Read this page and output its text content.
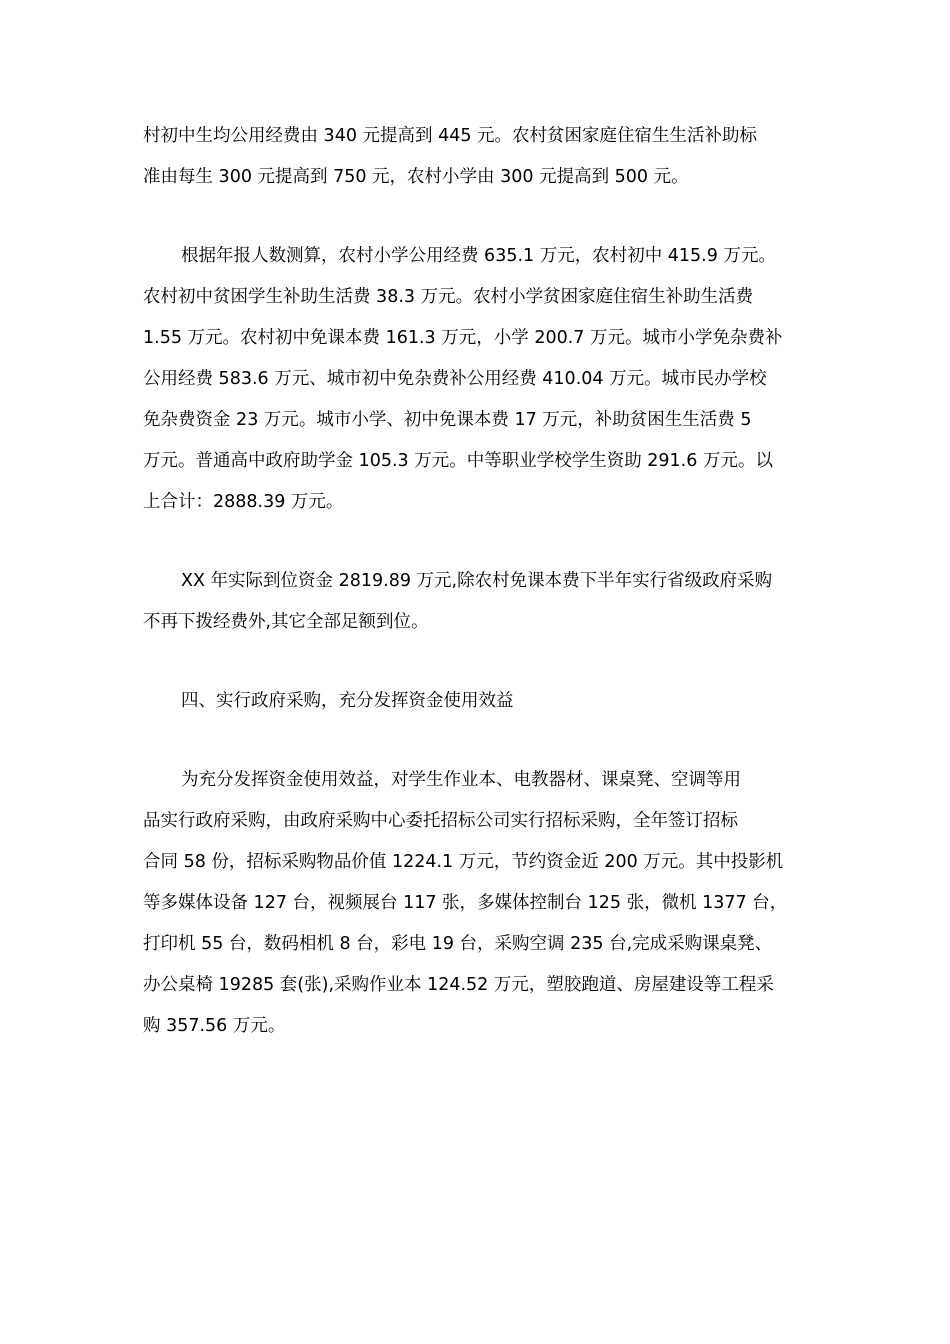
村初中生均公用经费由 340 元提高到 445 元。农村贫困家庭住宿生生活补助标
准由每生 300 元提高到 750 元，农村小学由 300 元提高到 500 元。
根据年报人数测算，农村小学公用经费 635.1 万元，农村初中 415.9 万元。
农村初中贫困学生补助生活费 38.3 万元。农村小学贫困家庭住宿生补助生活费
1.55 万元。农村初中免课本费 161.3 万元，小学 200.7 万元。城市小学免杂费补
公用经费 583.6 万元、城市初中免杂费补公用经费 410.04 万元。城市民办学校
免杂费资金 23 万元。城市小学、初中免课本费 17 万元，补助贫困生生活费 5
万元。普通高中政府助学金 105.3 万元。中等职业学校学生资助 291.6 万元。以
上合计：2888.39 万元。
XX 年实际到位资金 2819.89 万元,除农村免课本费下半年实行省级政府采购
不再下拨经费外,其它全部足额到位。
四、实行政府采购，充分发挥资金使用效益
为充分发挥资金使用效益，对学生作业本、电教器材、课桌凳、空调等用
品实行政府采购，由政府采购中心委托招标公司实行招标采购，全年签订招标
合同 58 份，招标采购物品价值 1224.1 万元，节约资金近 200 万元。其中投影机
等多媒体设备 127 台，视频展台 117 张，多媒体控制台 125 张，微机 1377 台，
打印机 55 台，数码相机 8 台，彩电 19 台，采购空调 235 台,完成采购课桌凳、
办公桌椅 19285 套(张),采购作业本 124.52 万元，塑胶跑道、房屋建设等工程采
购 357.56 万元。
